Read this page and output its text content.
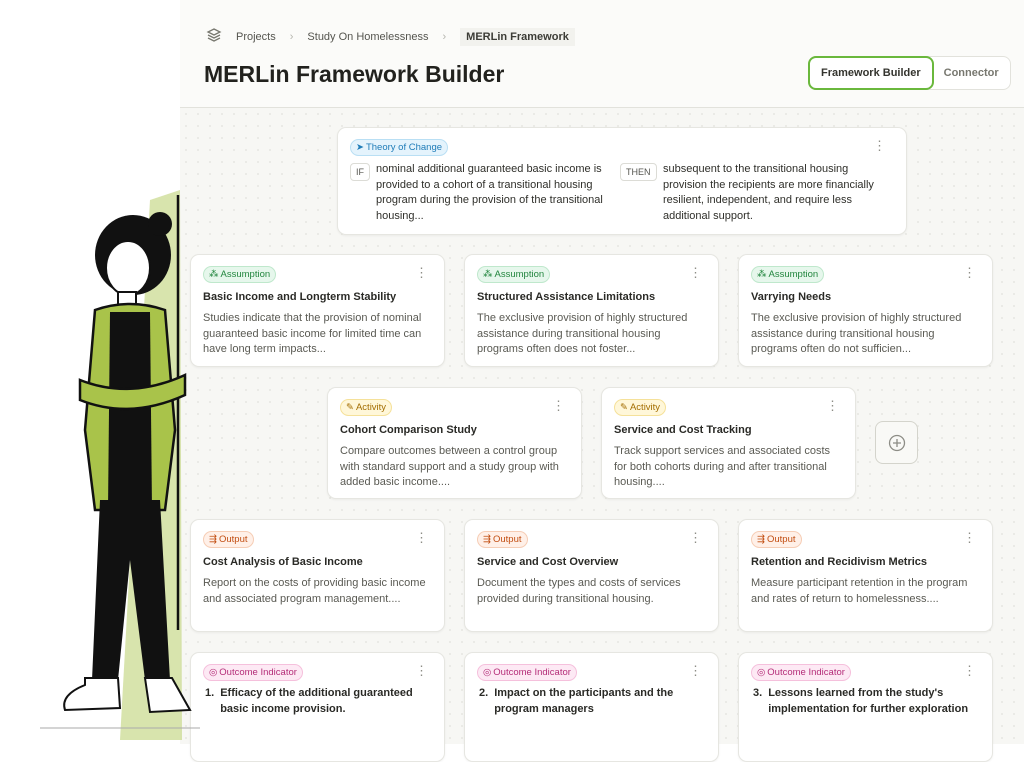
Projects › Study On Homelessness ›	MERLin Framework
MERLin Framework Builder	Framework Builder	Connector
➤ Theory of Change	⋮
IF	nominal additional guaranteed basic income is provided to a cohort of a transitional housing program during the provision of the transitional housing...
THEN	subsequent to the transitional housing provision the recipients are more financially resilient, independent, and require less additional support.
⁂ Assumption	⋮
Basic Income and Longterm Stability
Studies indicate that the provision of nominal guaranteed basic income for limited time can have long term impacts...
⁂ Assumption	⋮
Structured Assistance Limitations
The exclusive provision of highly structured assistance during transitional housing programs often does not foster...
⁂ Assumption	⋮
Varrying Needs
The exclusive provision of highly structured assistance during transitional housing programs often do not sufficien...
✎ Activity	⋮
Cohort Comparison Study
Compare outcomes between a control group with standard support and a study group with added basic income....
✎ Activity	⋮
Service and Cost Tracking
Track support services and associated costs for both cohorts during and after transitional housing....
⇶ Output	⋮
Cost Analysis of Basic Income
Report on the costs of providing basic income and associated program management....
⇶ Output	⋮
Service and Cost Overview
Document the types and costs of services provided during transitional housing.
⇶ Output	⋮
Retention and Recidivism Metrics
Measure participant retention in the program and rates of return to homelessness....
◎ Outcome Indicator	⋮
1. Efficacy of the additional guaranteed basic income provision.
◎ Outcome Indicator	⋮
2. Impact on the participants and the program managers
◎ Outcome Indicator	⋮
3. Lessons learned from the study's implementation for further exploration
